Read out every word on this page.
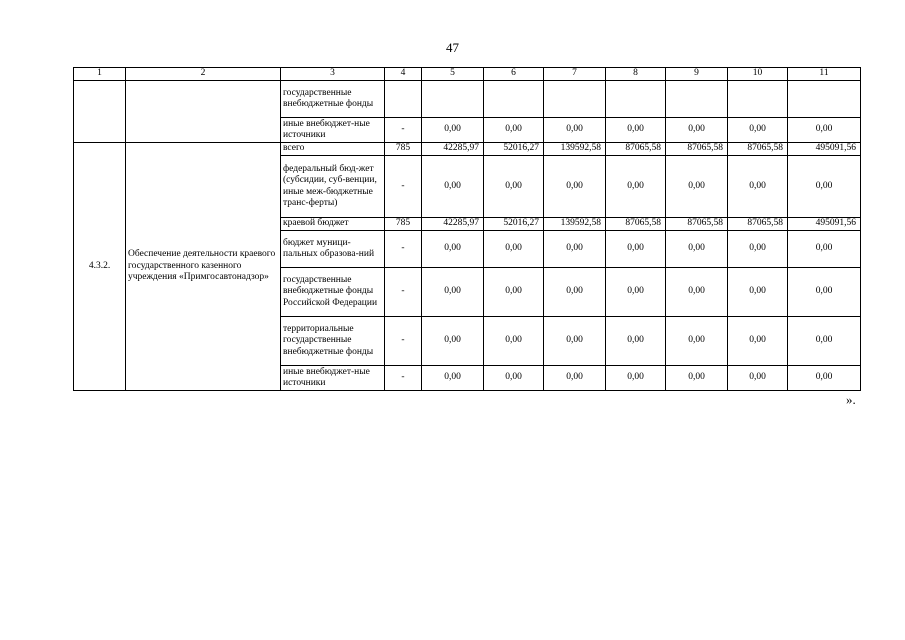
47
1	2	3	4	5	6	7	8	9	10	11
		государственные внебюджетные фонды								
		иные внебюджет-ные источники	-	0,00	0,00	0,00	0,00	0,00	0,00	0,00
4.3.2.	Обеспечение деятельности краевого государственного казенного учреждения «Примгосавтонадзор»	всего	785	42285,97	52016,27	139592,58	87065,58	87065,58	87065,58	495091,56
		федеральный бюд-жет (субсидии, суб-венции, иные меж-бюджетные транс-ферты)	-	0,00	0,00	0,00	0,00	0,00	0,00	0,00
		краевой бюджет	785	42285,97	52016,27	139592,58	87065,58	87065,58	87065,58	495091,56
		бюджет муници-пальных образова-ний	-	0,00	0,00	0,00	0,00	0,00	0,00	0,00
		государственные внебюджетные фонды Российской Федерации	-	0,00	0,00	0,00	0,00	0,00	0,00	0,00
		территориальные государственные внебюджетные фонды	-	0,00	0,00	0,00	0,00	0,00	0,00	0,00
		иные внебюджет-ные источники	-	0,00	0,00	0,00	0,00	0,00	0,00	0,00
».
